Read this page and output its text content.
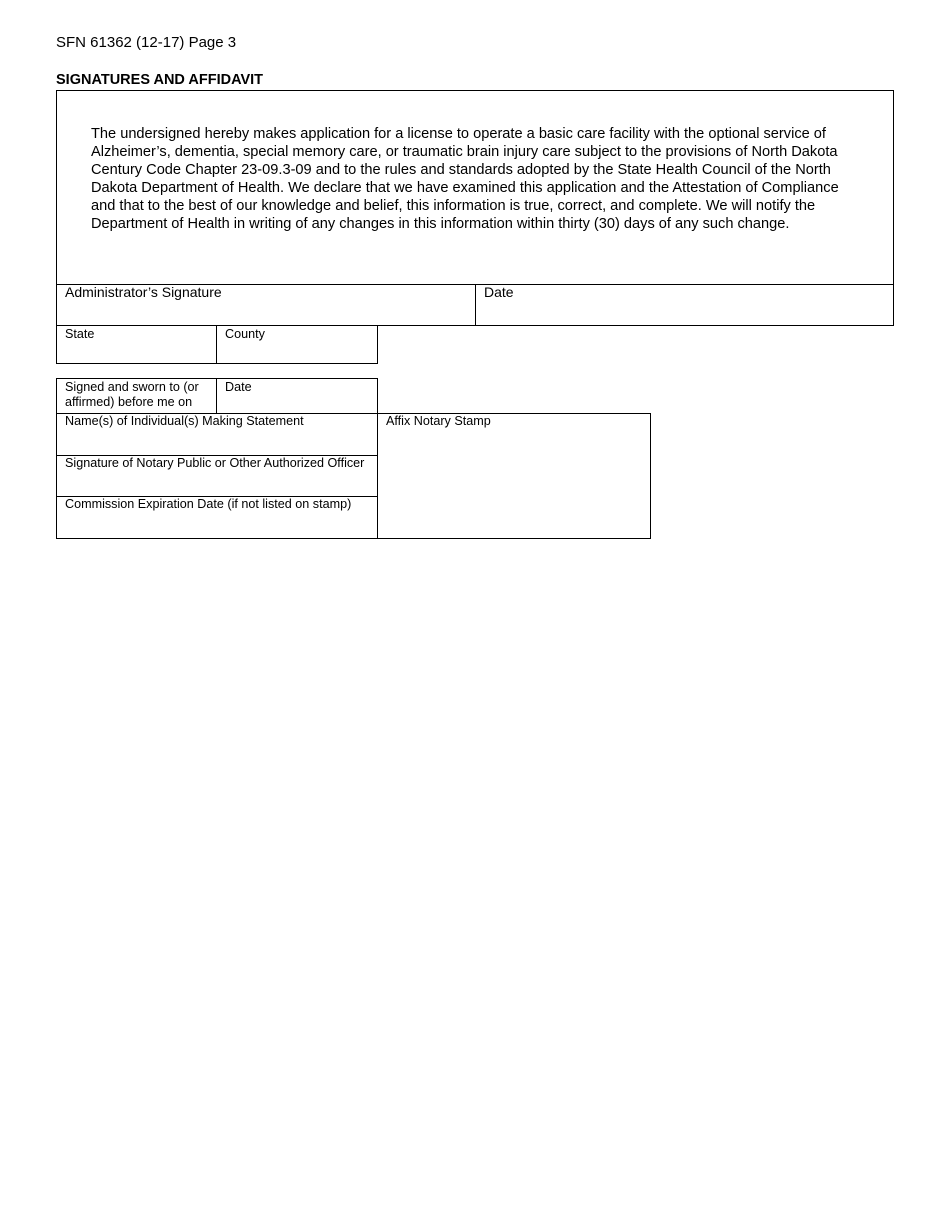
SFN 61362 (12-17) Page 3
SIGNATURES AND AFFIDAVIT
The undersigned hereby makes application for a license to operate a basic care facility with the optional service of Alzheimer’s, dementia, special memory care, or traumatic brain injury care subject to the provisions of North Dakota Century Code Chapter 23-09.3-09 and to the rules and standards adopted by the State Health Council of the North Dakota Department of Health. We declare that we have examined this application and the Attestation of Compliance and that to the best of our knowledge and belief, this information is true, correct, and complete. We will notify the Department of Health in writing of any changes in this information within thirty (30) days of any such change.
Administrator’s Signature	Date
State	County
Signed and sworn to (or
affirmed) before me on
Date
Name(s) of Individual(s) Making Statement
Signature of Notary Public or Other Authorized Officer
Commission Expiration Date (if not listed on stamp)
Affix Notary Stamp
